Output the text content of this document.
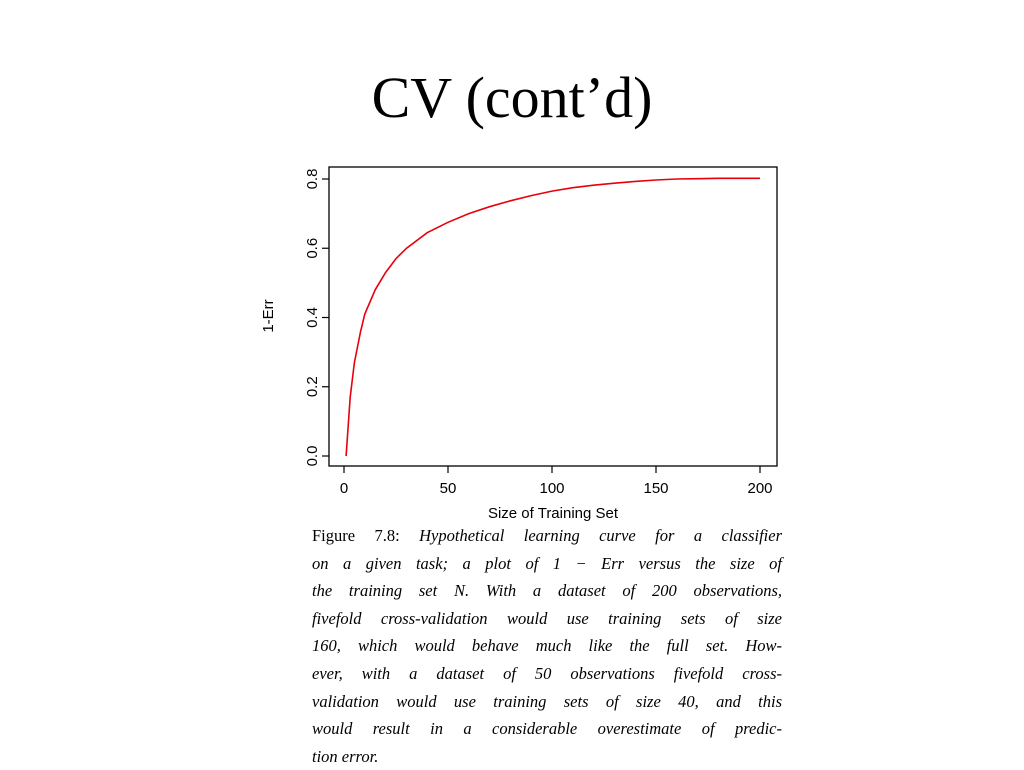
CV (cont’d)
0	50	100	150	200
0.0
0.2
0.4
0.6
0.8
Size of Training Set
1-Err
Figure 7.8: Hypothetical learning curve for a classifier
on a given task; a plot of 1 − Err versus the size of
the training set N. With a dataset of 200 observations,
fivefold cross-validation would use training sets of size
160, which would behave much like the full set. How-
ever, with a dataset of 50 observations fivefold cross-
validation would use training sets of size 40, and this
would result in a considerable overestimate of predic-
tion error.
